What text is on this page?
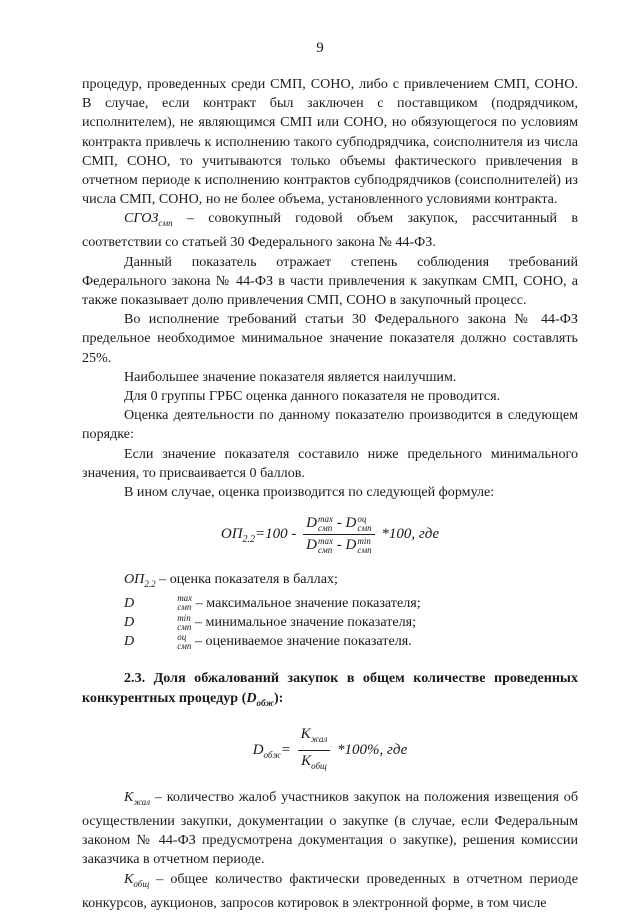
9

процедур, проведенных среди СМП, СОНО, либо с привлечением СМП, СОНО. В случае, если контракт был заключен с поставщиком (подрядчиком, исполнителем), не являющимся СМП или СОНО, но обязующегося по условиям контракта привлечь к исполнению такого субподрядчика, соисполнителя из числа СМП, СОНО, то учитываются только объемы фактического привлечения в отчетном периоде к исполнению контрактов субподрядчиков (соисполнителей) из числа СМП, СОНО, но не более объема, установленного условиями контракта.

$СГОЗ_{смп}$ – совокупный годовой объем закупок, рассчитанный в соответствии со статьей 30 Федерального закона № 44-ФЗ.

Данный показатель отражает степень соблюдения требований Федерального закона № 44-ФЗ в части привлечения к закупкам СМП, СОНО, а также показывает долю привлечения СМП, СОНО в закупочный процесс.

Во исполнение требований статьи 30 Федерального закона № 44-ФЗ предельное необходимое минимальное значение показателя должно составлять 25%.

Наибольшее значение показателя является наилучшим.

Для 0 группы ГРБС оценка данного показателя не проводится.

Оценка деятельности по данному показателю производится в следующем порядке:

Если значение показателя составило ниже предельного минимального значения, то присваивается 0 баллов.

В ином случае, оценка производится по следующей формуле:

$ОП_{2.2}=100 - D$ max
смп - D оц
смп
D max
смп - D min
смп *100, где

$ОП_{2.2}$ – оценка показателя в баллах;

D	max
смп – максимальное значение показателя;

D	min
смп – минимальное значение показателя;

D	оц
смп – оцениваемое значение показателя.

2.3. Доля обжалований закупок в общем количестве проведенных конкурентных процедур $(D_{обж})$:

$D_{обж}= \frac{K_{жал}}{K_{общ}} *100\%$, где

$K_{жал}$ – количество жалоб участников закупок на положения извещения об осуществлении закупки, документации о закупке (в случае, если Федеральным законом № 44-ФЗ предусмотрена документация о закупке), решения комиссии заказчика в отчетном периоде.

$K_{общ}$ – общее количество фактически проведенных в отчетном периоде конкурсов, аукционов, запросов котировок в электронной форме, в том числе
